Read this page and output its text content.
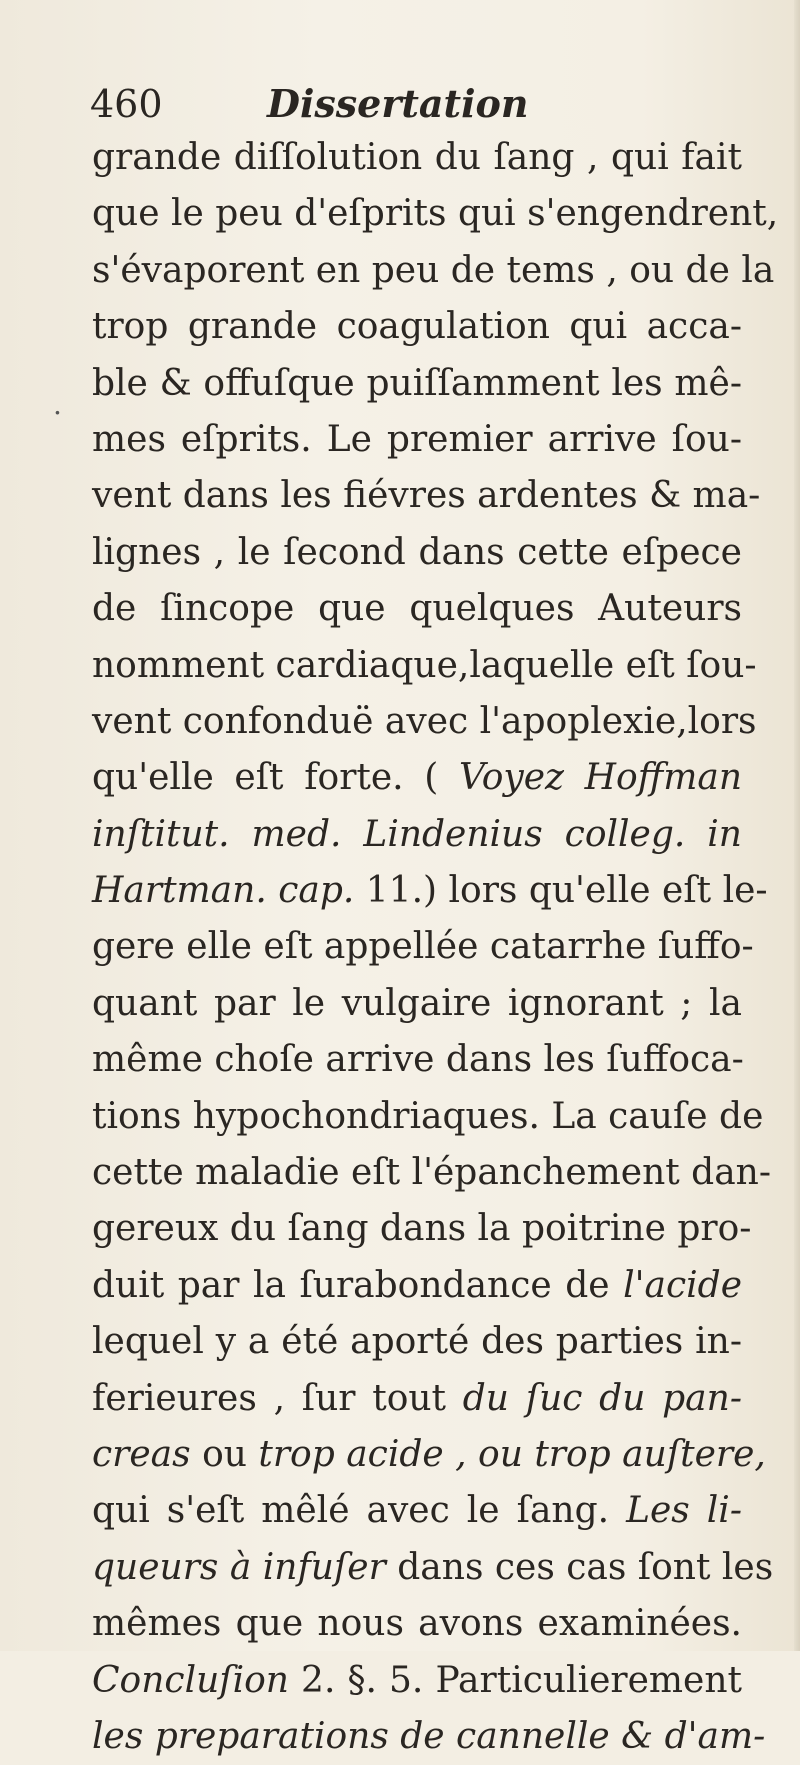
460	Dissertation
.
grande diſſolution du ſang , qui fait
que le peu d'eſprits qui s'engendrent,
s'évaporent en peu de tems , ou de la
trop grande coagulation qui acca-
ble & offuſque puiſſamment les mê-
mes eſprits. Le premier arrive ſou-
vent dans les fiévres ardentes & ma-
lignes , le ſecond dans cette eſpece
de ſincope que quelques Auteurs
nomment cardiaque,laquelle eſt ſou-
vent confonduë avec l'apoplexie,lors
qu'elle eſt forte. ( Voyez Hoffman
inſtitut. med. Lindenius colleg. in
Hartman. cap. 11.) lors qu'elle eſt le-
gere elle eſt appellée catarrhe ſuffo-
quant par le vulgaire ignorant ; la
même choſe arrive dans les ſuffoca-
tions hypochondriaques. La cauſe de
cette maladie eſt l'épanchement dan-
gereux du ſang dans la poitrine pro-
duit par la ſurabondance de l'acide
lequel y a été aporté des parties in-
ferieures , ſur tout du ſuc du pan-
creas ou trop acide , ou trop auſtere,
qui s'eſt mêlé avec le ſang. Les li-
queurs à infuſer dans ces cas ſont les
mêmes que nous avons examinées.
Concluſion 2. §. 5. Particulierement
les preparations de cannelle & d'am-
